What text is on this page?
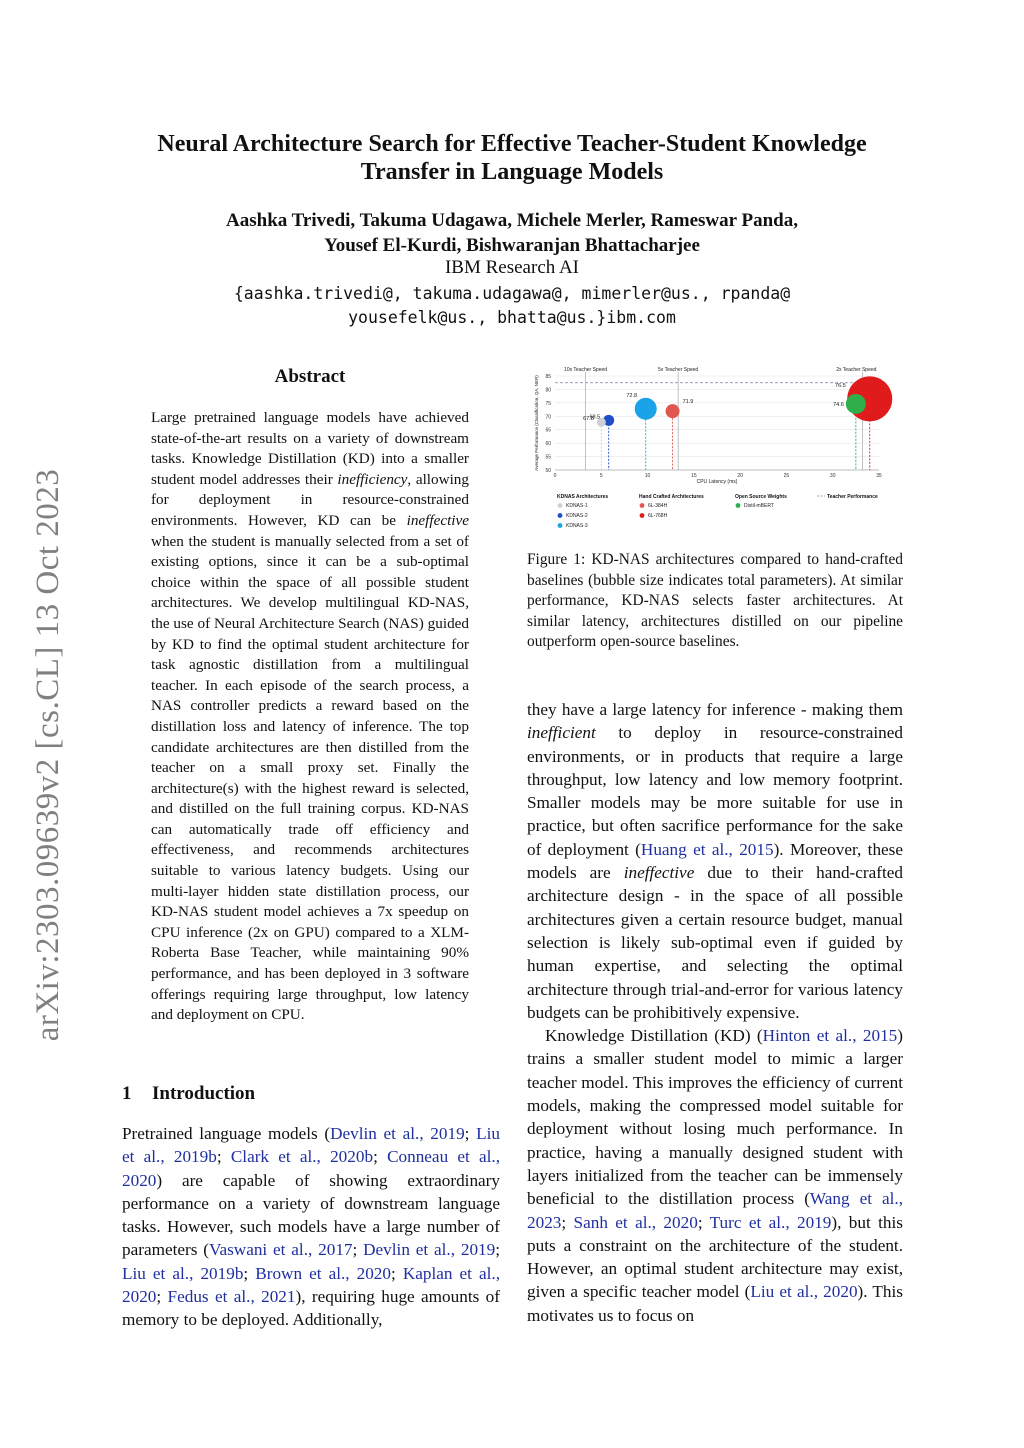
arXiv:2303.09639v2 [cs.CL] 13 Oct 2023
Neural Architecture Search for Effective Teacher-Student Knowledge
Transfer in Language Models
Aashka Trivedi, Takuma Udagawa, Michele Merler, Rameswar Panda,
Yousef El-Kurdi, Bishwaranjan Bhattacharjee
IBM Research AI
{aashka.trivedi@, takuma.udagawa@, mimerler@us., rpanda@
yousefelk@us., bhatta@us.}ibm.com
Abstract
Large pretrained language models have achieved state-of-the-art results on a variety of downstream tasks. Knowledge Distillation (KD) into a smaller student model addresses their inefficiency, allowing for deployment in resource-constrained environments. However, KD can be ineffective when the student is manually selected from a set of existing options, since it can be a sub-optimal choice within the space of all possible student architectures. We develop multilingual KD-NAS, the use of Neural Architecture Search (NAS) guided by KD to find the optimal student architecture for task agnostic distillation from a multilingual teacher. In each episode of the search process, a NAS controller predicts a reward based on the distillation loss and latency of inference. The top candidate architectures are then distilled from the teacher on a small proxy set. Finally the architecture(s) with the highest reward is selected, and distilled on the full training corpus. KD-NAS can automatically trade off efficiency and effectiveness, and recommends architectures suitable to various latency budgets. Using our multi-layer hidden state distillation process, our KD-NAS student model achieves a 7x speedup on CPU inference (2x on GPU) compared to a XLM-Roberta Base Teacher, while maintaining 90% performance, and has been deployed in 3 software offerings requiring large throughput, low latency and deployment on CPU.
1 Introduction

Pretrained language models (Devlin et al., 2019; Liu et al., 2019b; Clark et al., 2020b; Conneau et al., 2020) are capable of showing extraordinary performance on a variety of downstream language tasks. However, such models have a large number of parameters (Vaswani et al., 2017; Devlin et al., 2019; Liu et al., 2019b; Brown et al., 2020; Kaplan et al., 2020; Fedus et al., 2021), requiring huge amounts of memory to be deployed. Additionally,

50
55
60
65
70
75
80
85
0	5	10	15	20	25	30	35
CPU Latency (ms)
Average Performance (Classification, QA, NER)
10x Teacher Speed	5x Teacher Speed	2x Teacher Speed
67.8
68.5
72.8
71.9
76.5
74.6
KDNAS Architectures
KDNAS-1
KDNAS-2
KDNAS-3
Hand Crafted Architectures
6L-384H
6L-768H
Open Source Weights
Distil-mBERT
Teacher Performance
Figure 1: KD-NAS architectures compared to hand-crafted baselines (bubble size indicates total parameters). At similar performance, KD-NAS selects faster architectures. At similar latency, architectures distilled on our pipeline outperform open-source baselines.

they have a large latency for inference - making them inefficient to deploy in resource-constrained environments, or in products that require a large throughput, low latency and low memory footprint. Smaller models may be more suitable for use in practice, but often sacrifice performance for the sake of deployment (Huang et al., 2015). Moreover, these models are ineffective due to their hand-crafted architecture design - in the space of all possible architectures given a certain resource budget, manual selection is likely sub-optimal even if guided by human expertise, and selecting the optimal architecture through trial-and-error for various latency budgets can be prohibitively expensive.

Knowledge Distillation (KD) (Hinton et al., 2015) trains a smaller student model to mimic a larger teacher model. This improves the efficiency of current models, making the compressed model suitable for deployment without losing much performance. In practice, having a manually designed student with layers initialized from the teacher can be immensely beneficial to the distillation process (Wang et al., 2023; Sanh et al., 2020; Turc et al., 2019), but this puts a constraint on the architecture of the student. However, an optimal student architecture may exist, given a specific teacher model (Liu et al., 2020). This motivates us to focus on
